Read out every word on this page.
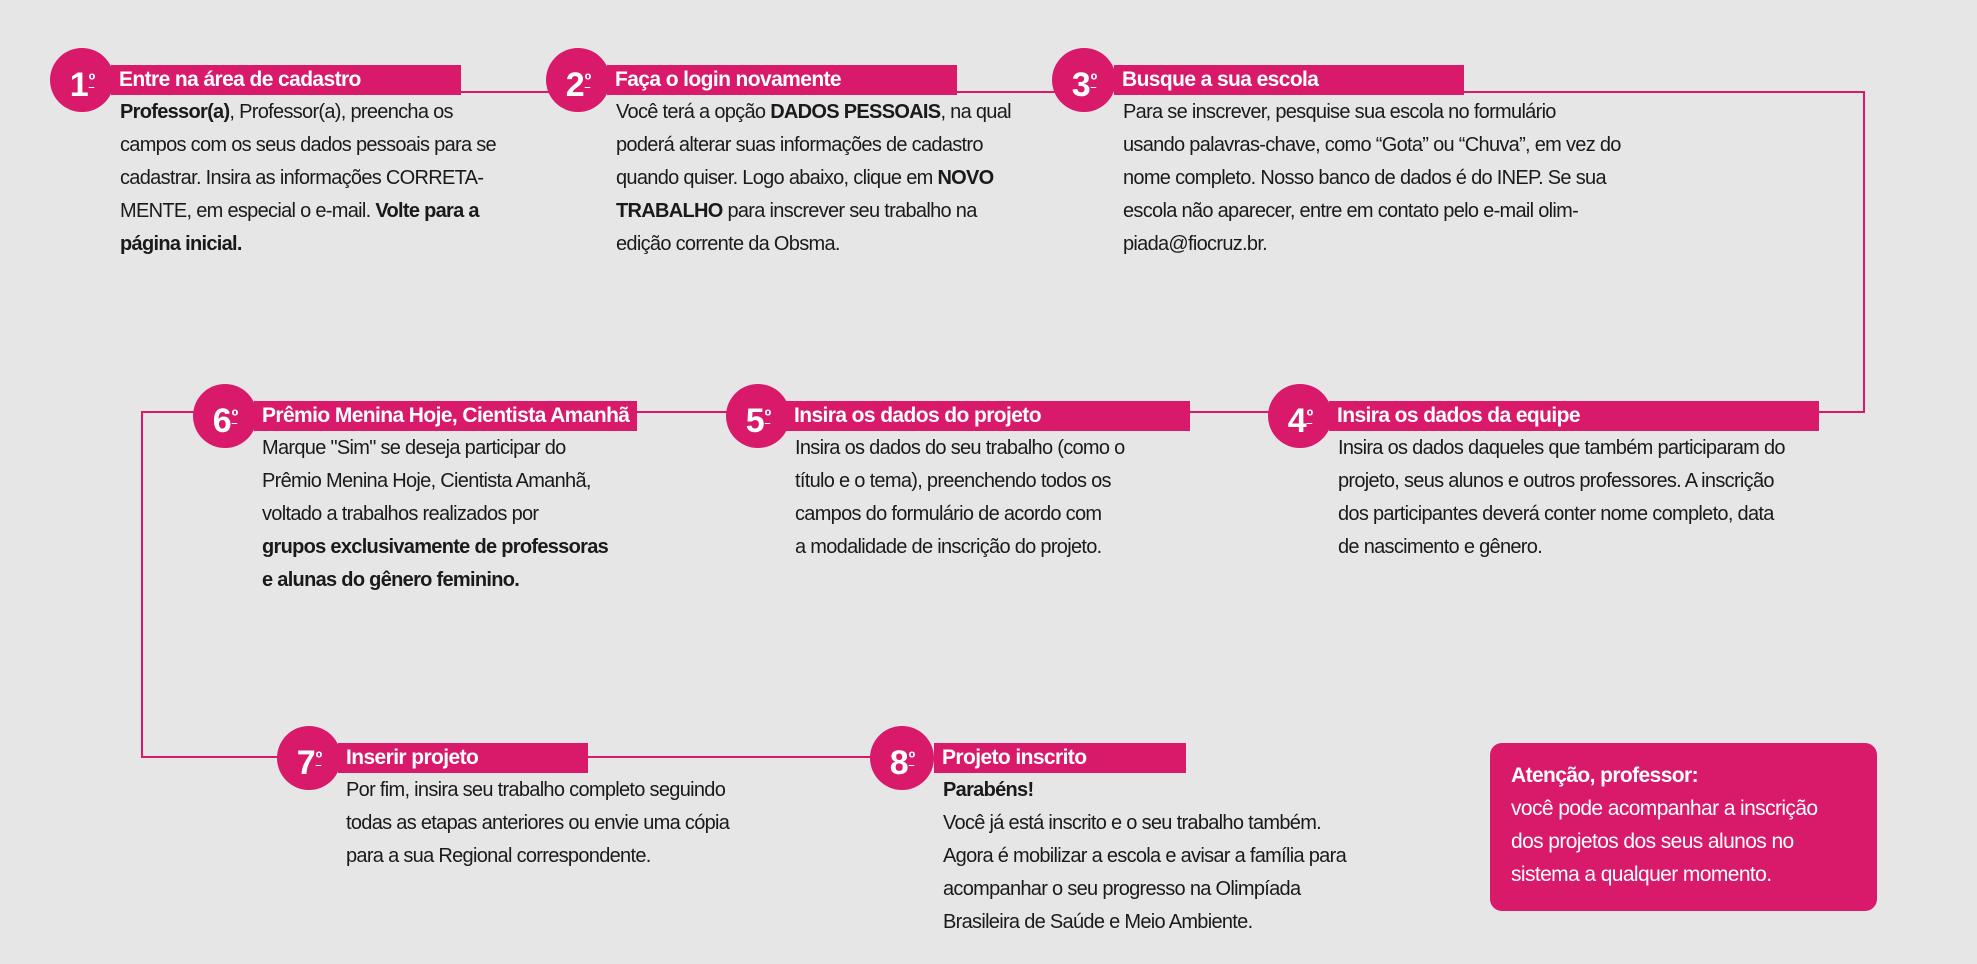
Entre na área de cadastro
$1^º$
Professor(a), Professor(a), preencha os
campos com os seus dados pessoais para se
cadastrar. Insira as informações CORRETA-
MENTE, em especial o e-mail. Volte para a
página inicial.
Faça o login novamente
$2^º$
Você terá a opção DADOS PESSOAIS, na qual
poderá alterar suas informações de cadastro
quando quiser. Logo abaixo, clique em NOVO
TRABALHO para inscrever seu trabalho na
edição corrente da Obsma.
Busque a sua escola
$3^º$
Para se inscrever, pesquise sua escola no formulário
usando palavras-chave, como “Gota” ou “Chuva”, em vez do
nome completo. Nosso banco de dados é do INEP. Se sua
escola não aparecer, entre em contato pelo e-mail olim-
piada@fiocruz.br.
Insira os dados da equipe
$4^º$
Insira os dados daqueles que também participaram do
projeto, seus alunos e outros professores. A inscrição
dos participantes deverá conter nome completo, data
de nascimento e gênero.
Insira os dados do projeto
$5^º$
Insira os dados do seu trabalho (como o
título e o tema), preenchendo todos os
campos do formulário de acordo com
a modalidade de inscrição do projeto.
Prêmio Menina Hoje, Cientista Amanhã
$6^º$
Marque "Sim" se deseja participar do
Prêmio Menina Hoje, Cientista Amanhã,
voltado a trabalhos realizados por
grupos exclusivamente de professoras
e alunas do gênero feminino.
Inserir projeto
$7^º$
Por fim, insira seu trabalho completo seguindo
todas as etapas anteriores ou envie uma cópia
para a sua Regional correspondente.
Projeto inscrito
$8^º$
Parabéns!
Você já está inscrito e o seu trabalho também.
Agora é mobilizar a escola e avisar a família para
acompanhar o seu progresso na Olimpíada
Brasileira de Saúde e Meio Ambiente.
Atenção, professor:
você pode acompanhar a inscrição
dos projetos dos seus alunos no
sistema a qualquer momento.
